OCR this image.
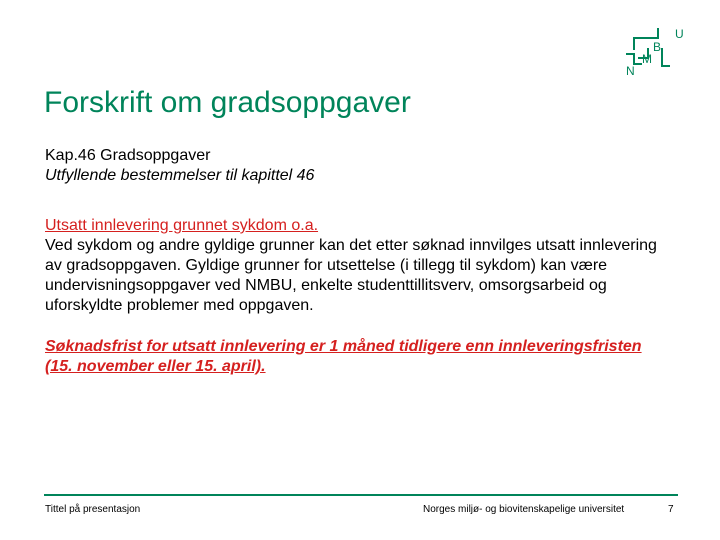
U
B
M
N
Forskrift om gradsoppgaver

Kap.46 Gradsoppgaver

Utfyllende bestemmelser til kapittel 46

Utsatt innlevering grunnet sykdom o.a.

Ved sykdom og andre gyldige grunner kan det etter søknad innvilges utsatt innlevering av gradsoppgaven. Gyldige grunner for utsettelse (i tillegg til sykdom) kan være undervisningsoppgaver ved NMBU, enkelte studenttillitsverv, omsorgsarbeid og uforskyldte problemer med oppgaven.

Søknadsfrist for utsatt innlevering er 1 måned tidligere enn innleveringsfristen (15. november eller 15. april).

Tittel på presentasjon	Norges miljø- og biovitenskapelige universitet	7
